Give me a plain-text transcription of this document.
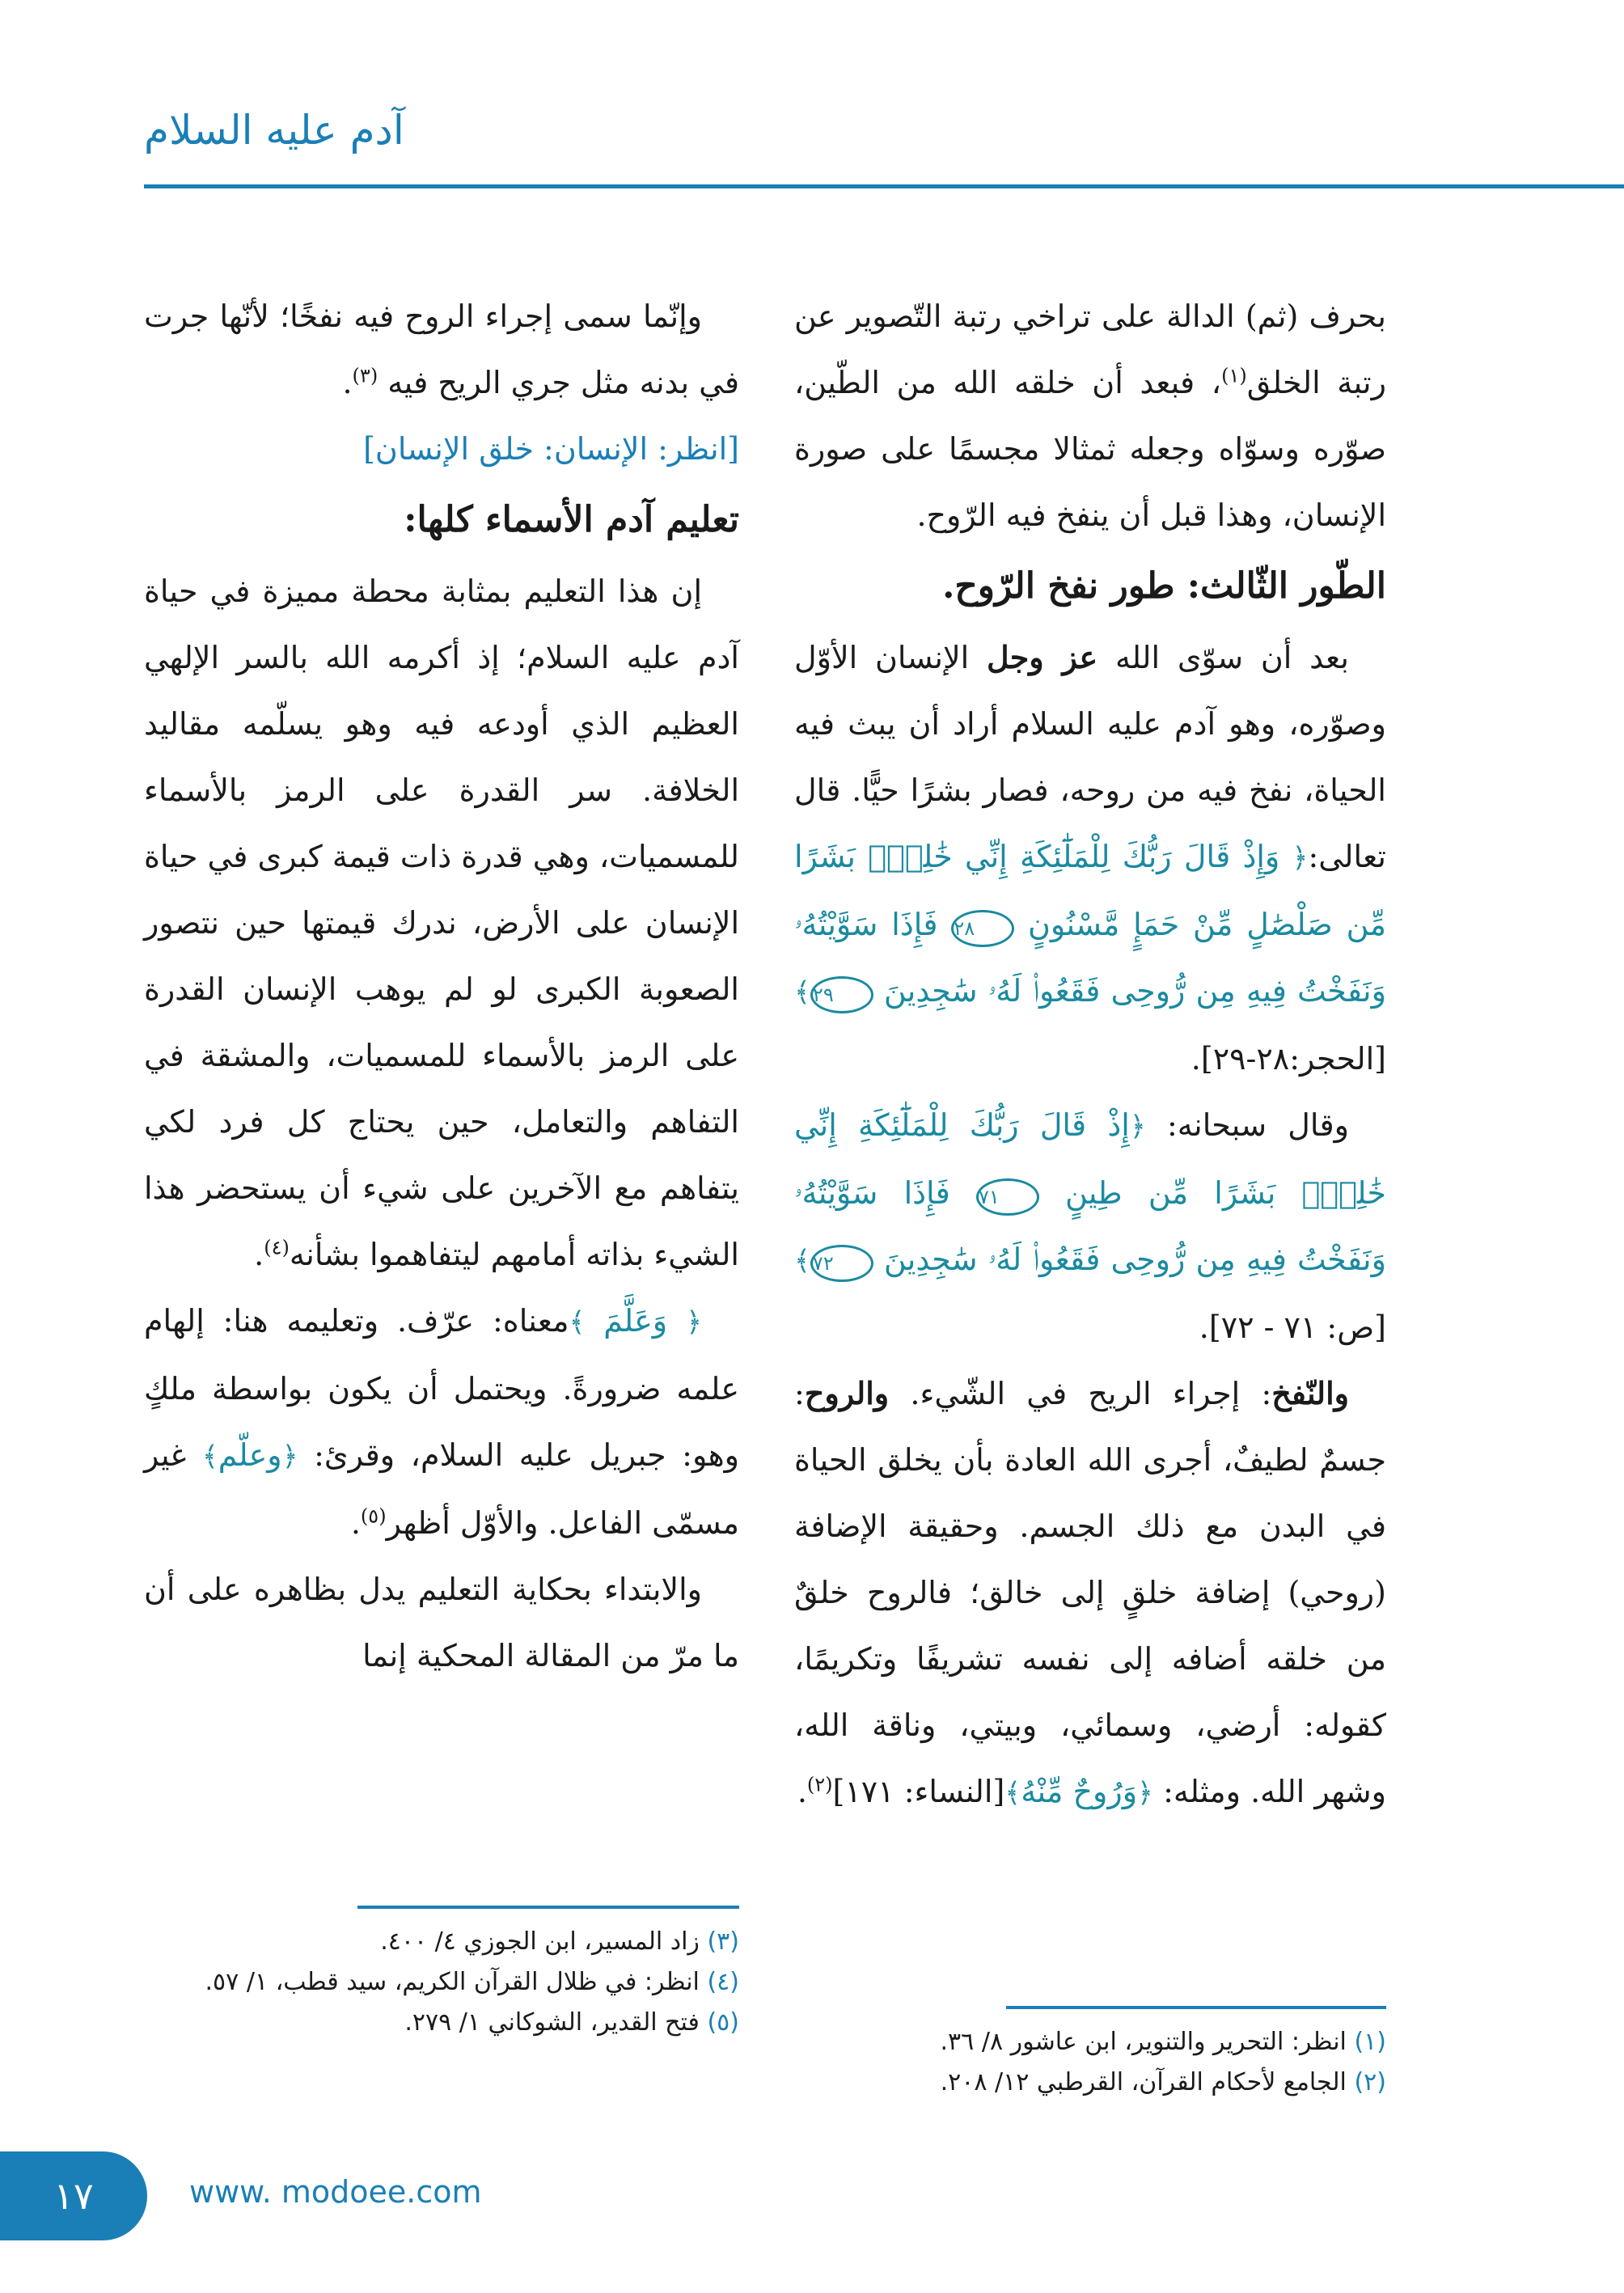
آدم عليه السلام

بحرف (ثم) الدالة على تراخي رتبة التّصوير عن رتبة الخلق$^{(١)}$، فبعد أن خلقه الله من الطّين، صوّره وسوّاه وجعله ثمثالا مجسمًا على صورة الإنسان، وهذا قبل أن ينفخ فيه الرّوح.

الطّور الثّالث: طور نفخ الرّوح.

بعد أن سوّى الله عز وجل الإنسان الأوّل وصوّره، وهو آدم عليه السلام أراد أن يبث فيه الحياة، نفخ فيه من روحه، فصار بشرًا حيًّا. قال تعالى:﴿ وَإِذْ قَالَ رَبُّكَ لِلْمَلَٰٓئِكَةِ إِنِّي خَٰلِقُۢ بَشَرًا مِّن صَلْصَٰلٍ مِّنْ حَمَإٍ مَّسْنُونٍ ٢٨ فَإِذَا سَوَّيْتُهُۥ وَنَفَخْتُ فِيهِ مِن رُّوحِى فَقَعُوا۟ لَهُۥ سَٰجِدِينَ ٢٩﴾[الحجر:٢٨-٢٩].

وقال سبحانه: ﴿إِذْ قَالَ رَبُّكَ لِلْمَلَٰٓئِكَةِ إِنِّي خَٰلِقُۢ بَشَرًا مِّن طِينٍ ٧١ فَإِذَا سَوَّيْتُهُۥ وَنَفَخْتُ فِيهِ مِن رُّوحِى فَقَعُوا۟ لَهُۥ سَٰجِدِينَ ٧٢﴾[ص: ٧١ - ٧٢].

والنّفخ: إجراء الريح في الشّيء. والروح: جسمٌ لطيفٌ، أجرى الله العادة بأن يخلق الحياة في البدن مع ذلك الجسم. وحقيقة الإضافة (روحي) إضافة خلقٍ إلى خالق؛ فالروح خلقٌ من خلقه أضافه إلى نفسه تشريفًا وتكريمًا، كقوله: أرضي، وسمائي، وبيتي، وناقة الله، وشهر الله. ومثله: ﴿وَرُوحٌ مِّنْهُ﴾[النساء: ١٧١]$^{(٢)}$.

وإنّما سمى إجراء الروح فيه نفخًا؛ لأنّها جرت في بدنه مثل جري الريح فيه $^{(٣)}$.

[انظر: الإنسان: خلق الإنسان]

تعليم آدم الأسماء كلها:

إن هذا التعليم بمثابة محطة مميزة في حياة آدم عليه السلام؛ إذ أكرمه الله بالسر الإلهي العظيم الذي أودعه فيه وهو يسلّمه مقاليد الخلافة. سر القدرة على الرمز بالأسماء للمسميات، وهي قدرة ذات قيمة كبرى في حياة الإنسان على الأرض، ندرك قيمتها حين نتصور الصعوبة الكبرى لو لم يوهب الإنسان القدرة على الرمز بالأسماء للمسميات، والمشقة في التفاهم والتعامل، حين يحتاج كل فرد لكي يتفاهم مع الآخرين على شيء أن يستحضر هذا الشيء بذاته أمامهم ليتفاهموا بشأنه$^{(٤)}$.

﴿ وَعَلَّمَ ﴾معناه: عرّف. وتعليمه هنا: إلهام علمه ضرورةً. ويحتمل أن يكون بواسطة ملكٍ وهو: جبريل عليه السلام، وقرئ: ﴿وعلّم﴾ غير مسمّى الفاعل. والأوّل أظهر$^{(٥)}$.

والابتداء بحكاية التعليم يدل بظاهره على أن ما مرّ من المقالة المحكية إنما

(٣) زاد المسير، ابن الجوزي ٤/ ٤٠٠.

(٤) انظر: في ظلال القرآن الكريم، سيد قطب، ١/ ٥٧.

(٥) فتح القدير، الشوكاني ١/ ٢٧٩.

(١) انظر: التحرير والتنوير، ابن عاشور ٨/ ٣٦.

(٢) الجامع لأحكام القرآن، القرطبي ١٢/ ٢٠٨.

١٧	www. modoee.com
